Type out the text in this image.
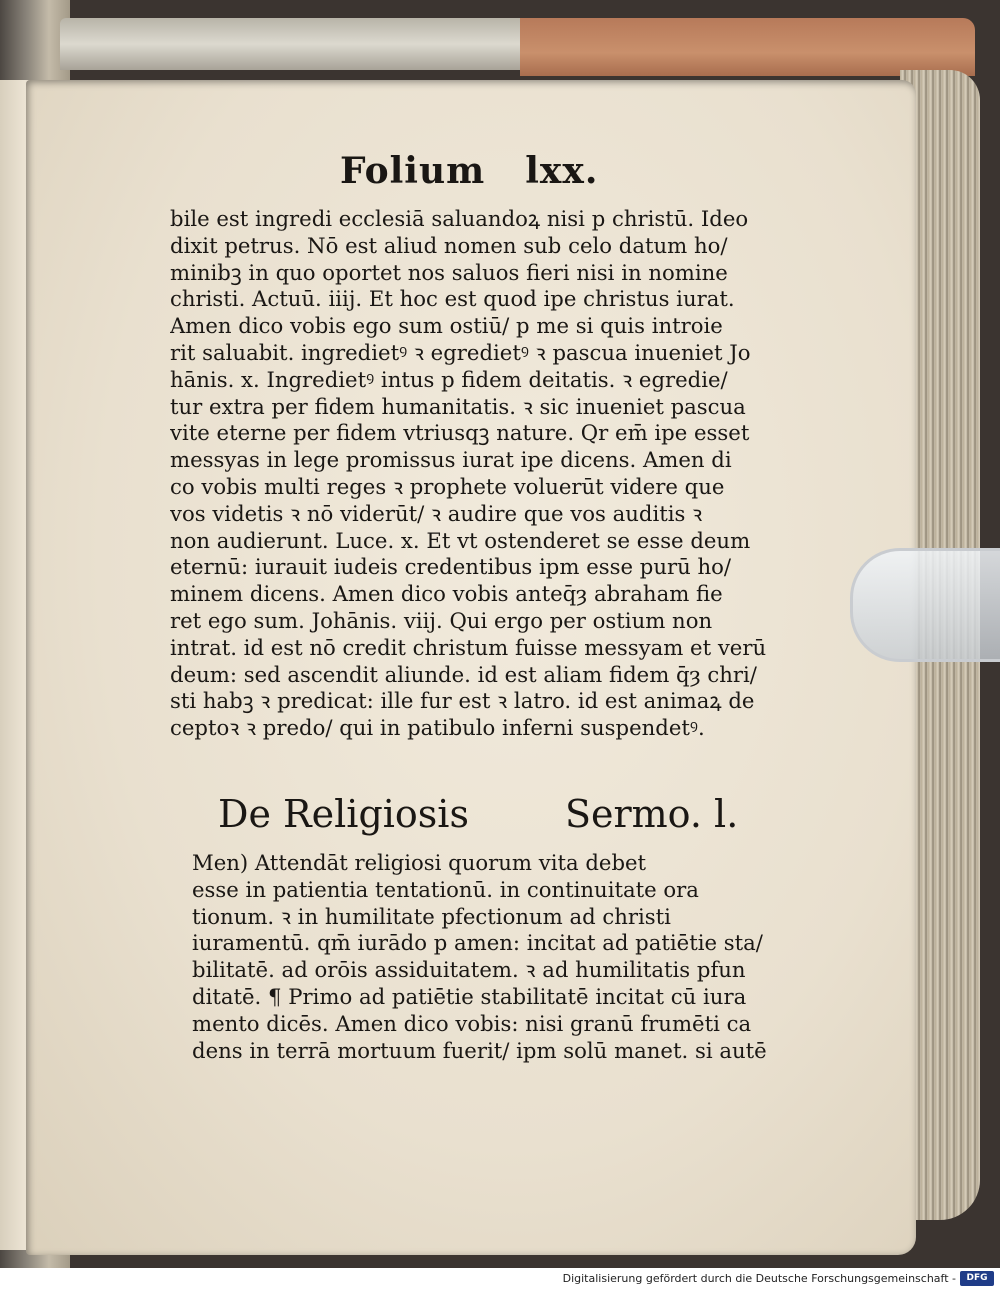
Folium lxx.
bile est ingredi ecclesiā saluandoꝝ nisi p christū. Ideo
dixit petrus. Nō est aliud nomen sub celo datum ho/
minibꝫ in quo oportet nos saluos fieri nisi in nomine
christi. Actuū. iiij. Et hoc est quod ipe christus iurat.
Amen dico vobis ego sum ostiū/ p me si quis introie
rit saluabit. ingredietꝰ ꝛ egredietꝰ ꝛ pascua inueniet Jo
hānis. x. Ingredietꝰ intus p fidem deitatis. ꝛ egredie/
tur extra per fidem humanitatis. ꝛ sic inueniet pascua
vite eterne per fidem vtriusqꝫ nature. Qr em̄ ipe esset
messyas in lege promissus iurat ipe dicens. Amen di
co vobis multi reges ꝛ prophete voluerūt videre que
vos videtis ꝛ nō viderūt/ ꝛ audire que vos auditis ꝛ
non audierunt. Luce. x. Et vt ostenderet se esse deum
eternū: iurauit iudeis credentibus ipm esse purū ho/
minem dicens. Amen dico vobis anteq̄ȝ abraham fie
ret ego sum. Johānis. viij. Qui ergo per ostium non
intrat. id est nō credit christum fuisse messyam et verū
deum: sed ascendit aliunde. id est aliam fidem q̄ȝ chri/
sti habꝫ ꝛ predicat: ille fur est ꝛ latro. id est animaꝝ de
ceptoꝛ ꝛ predo/ qui in patibulo inferni suspendetꝰ.
De Religiosis	Sermo. l.
Men) Attendāt religiosi quorum vita debet
esse in patientia tentationū. in continuitate ora
tionum. ꝛ in humilitate pfectionum ad christi
iuramentū. qm̄ iurādo p amen: incitat ad patiētie sta/
bilitatē. ad orōis assiduitatem. ꝛ ad humilitatis pfun
ditatē. ¶ Primo ad patiētie stabilitatē incitat cū iura
mento dicēs. Amen dico vobis: nisi granū frumēti ca
dens in terrā mortuum fuerit/ ipm solū manet. si autē
Digitalisierung gefördert durch die Deutsche Forschungsgemeinschaft -	DFG
